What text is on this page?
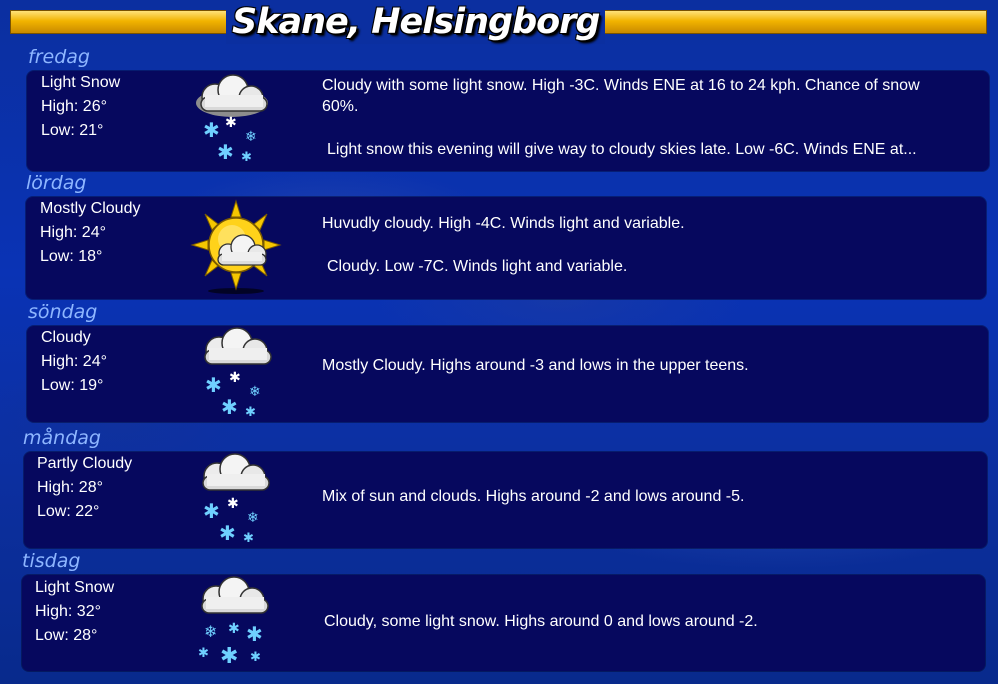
Skane, Helsingborg
fredag
Light Snow
High: 26°
Low: 21°	✱ ✱
❄
✱ ✱
Cloudy with some light snow. High -3C. Winds ENE at 16 to 24 kph. Chance of snow 60%.
Light snow this evening will give way to cloudy skies late. Low -6C. Winds ENE at...
lördag
Mostly Cloudy
High: 24°
Low: 18°
Huvudly cloudy. High -4C. Winds light and variable.
Cloudy. Low -7C. Winds light and variable.
söndag
Cloudy
High: 24°
Low: 19°	✱ ✱
❄
✱ ✱
Mostly Cloudy. Highs around -3 and lows in the upper teens.
måndag
Partly Cloudy
High: 28°
Low: 22°	✱ ✱
❄
✱ ✱
Mix of sun and clouds. Highs around -2 and lows around -5.
tisdag
Light Snow
High: 32°
Low: 28°	❄ ✱ ✱
✱ ✱ ✱
Cloudy, some light snow. Highs around 0 and lows around -2.
